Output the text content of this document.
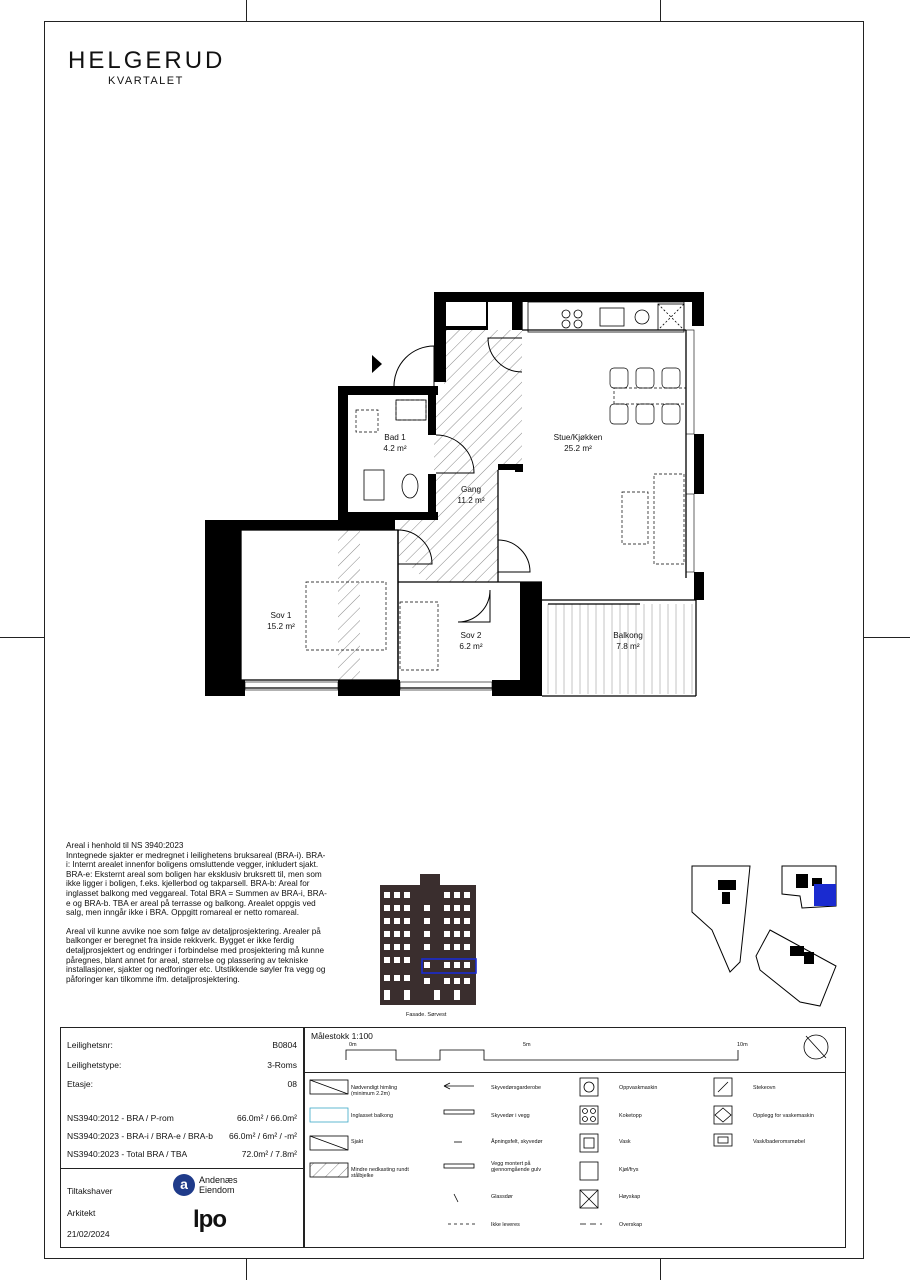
HELGERUD
KVARTALET
Bad 1
4.2 m²
Gang
11.2 m²
Stue/Kjøkken
25.2 m²
Sov 1
15.2 m²
Sov 2
6.2 m²
Balkong
7.8 m²

Areal i henhold til NS 3940:2023
Inntegnede sjakter er medregnet i leilighetens bruksareal (BRA-i). BRA-i: Internt arealet innenfor boligens omsluttende vegger, inkludert sjakt. BRA-e: Eksternt areal som boligen har eksklusiv bruksrett til, men som ikke ligger i boligen, f.eks. kjellerbod og takparsell. BRA-b: Areal for inglasset balkong med veggareal. Total BRA = Summen av BRA-i, BRA-e og BRA-b. TBA er areal på terrasse og balkong. Arealet oppgis ved salg, men inngår ikke i BRA. Oppgitt romareal er netto romareal.

Areal vil kunne avvike noe som følge av detaljprosjektering. Arealer på balkonger er beregnet fra inside rekkverk. Bygget er ikke ferdig detaljprosjektert og endringer i forbindelse med prosjektering må kunne påregnes, blant annet for areal, størrelse og plassering av tekniske installasjoner, sjakter og nedforinger etc. Utstikkende søyler fra vegg og påforinger kan tilkomme ifm. detaljprosjektering.

Fasade. Sørvest
Leilighetsnr:	B0804
Leilighetstype:	3-Roms
Etasje:	08
NS3940:2012 - BRA / P-rom	66.0m² / 66.0m²
NS3940:2023 - BRA-i / BRA-e / BRA-b 66.0m² / 6m² / -m²
NS3940:2023 - Total BRA / TBA	72.0m² / 7.8m²
Tiltakshaver	a	Andenæs Eiendom
Arkitekt	lpo
21/02/2024
Målestokk 1:100
0m	5m	10m
Nødvendigt himling (minimum 2.2m)
Inglasset balkong
Sjakt
Mindre nedkasting rundt stålbjelke
Skyvedørsgarderobe
Skyvedør i vegg
Åpningsfelt, skyvedør
Vegg montert på gjennomgående gulv
Glassdør
Ikke leveres
Oppvaskmaskin
Koketopp
Vask
Kjøl/frys
Høyskap
Overskap
Stekeovn
Opplegg for vaskemaskin
Vask/baderomsmøbel
